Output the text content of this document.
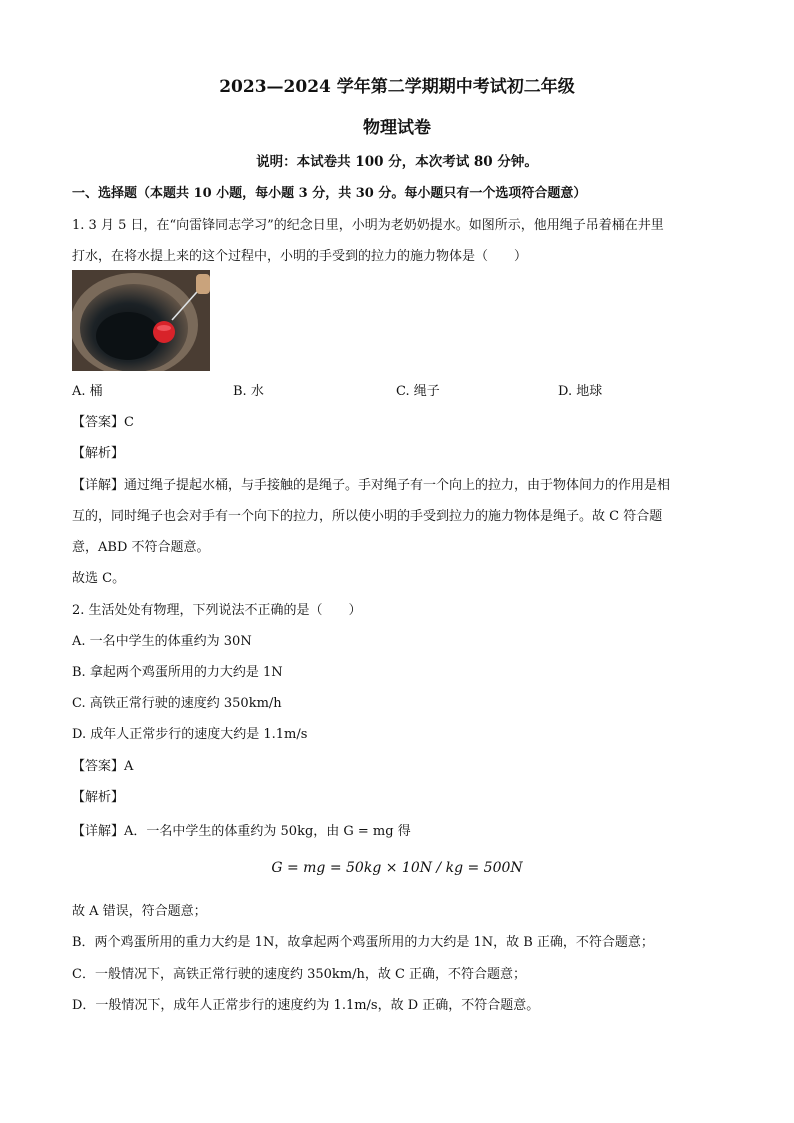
2023—2024 学年第二学期期中考试初二年级
物理试卷
说明：本试卷共 100 分，本次考试 80 分钟。
一、选择题（本题共 10 小题，每小题 3 分，共 30 分。每小题只有一个选项符合题意）
1. 3 月 5 日，在“向雷锋同志学习”的纪念日里，小明为老奶奶提水。如图所示，他用绳子吊着桶在井里
打水，在将水提上来的这个过程中，小明的手受到的拉力的施力物体是（　　）
A. 桶	B. 水	C. 绳子	D. 地球
【答案】C
【解析】
【详解】通过绳子提起水桶，与手接触的是绳子。手对绳子有一个向上的拉力，由于物体间力的作用是相
互的，同时绳子也会对手有一个向下的拉力，所以使小明的手受到拉力的施力物体是绳子。故 C 符合题
意，ABD 不符合题意。
故选 C。
2. 生活处处有物理，下列说法不正确的是（　　）
A. 一名中学生的体重约为 30N
B. 拿起两个鸡蛋所用的力大约是 1N
C. 高铁正常行驶的速度约 350km/h
D. 成年人正常步行的速度大约是 1.1m/s
【答案】A
【解析】
【详解】A．一名中学生的体重约为 50kg，由 G = mg 得
G = mg = 50kg × 10N / kg = 500N
故 A 错误，符合题意；
B．两个鸡蛋所用的重力大约是 1N，故拿起两个鸡蛋所用的力大约是 1N，故 B 正确，不符合题意；
C．一般情况下，高铁正常行驶的速度约 350km/h，故 C 正确，不符合题意；
D．一般情况下，成年人正常步行的速度约为 1.1m/s，故 D 正确，不符合题意。
